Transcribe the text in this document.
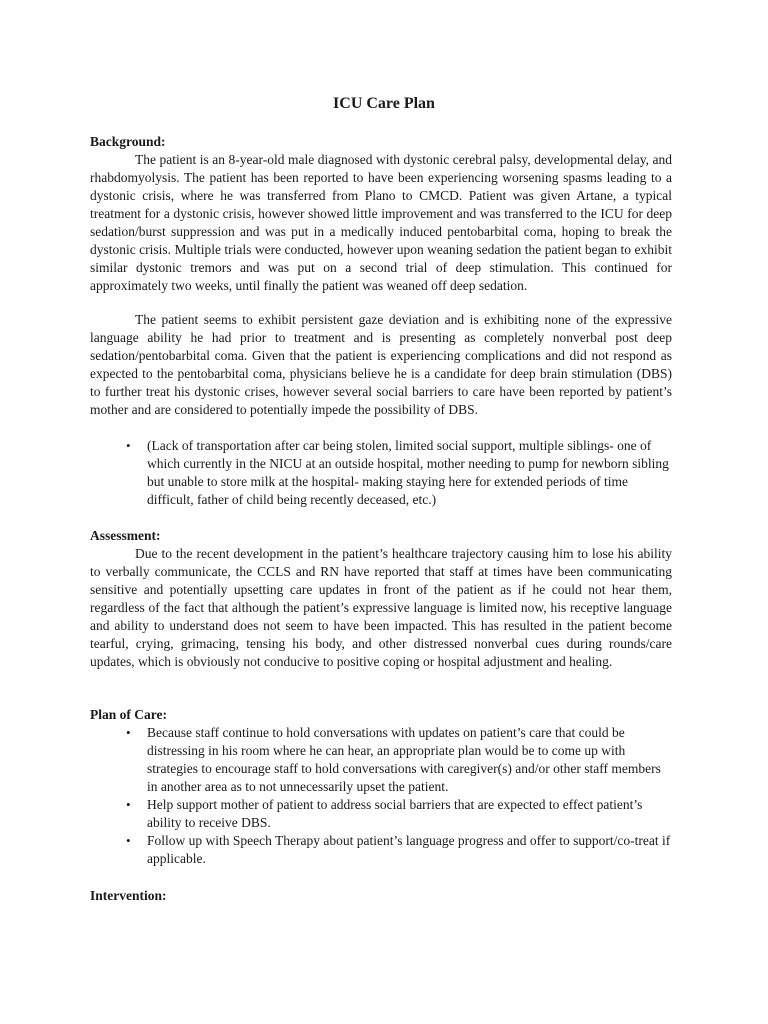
ICU Care Plan
Background:

The patient is an 8-year-old male diagnosed with dystonic cerebral palsy, developmental delay, and rhabdomyolysis. The patient has been reported to have been experiencing worsening spasms leading to a dystonic crisis, where he was transferred from Plano to CMCD. Patient was given Artane, a typical treatment for a dystonic crisis, however showed little improvement and was transferred to the ICU for deep sedation/burst suppression and was put in a medically induced pentobarbital coma, hoping to break the dystonic crisis. Multiple trials were conducted, however upon weaning sedation the patient began to exhibit similar dystonic tremors and was put on a second trial of deep stimulation. This continued for approximately two weeks, until finally the patient was weaned off deep sedation.

The patient seems to exhibit persistent gaze deviation and is exhibiting none of the expressive language ability he had prior to treatment and is presenting as completely nonverbal post deep sedation/pentobarbital coma. Given that the patient is experiencing complications and did not respond as expected to the pentobarbital coma, physicians believe he is a candidate for deep brain stimulation (DBS) to further treat his dystonic crises, however several social barriers to care have been reported by patient’s mother and are considered to potentially impede the possibility of DBS.

• (Lack of transportation after car being stolen, limited social support, multiple siblings- one of which currently in the NICU at an outside hospital, mother needing to pump for newborn sibling but unable to store milk at the hospital- making staying here for extended periods of time difficult, father of child being recently deceased, etc.)
Assessment:

Due to the recent development in the patient’s healthcare trajectory causing him to lose his ability to verbally communicate, the CCLS and RN have reported that staff at times have been communicating sensitive and potentially upsetting care updates in front of the patient as if he could not hear them, regardless of the fact that although the patient’s expressive language is limited now, his receptive language and ability to understand does not seem to have been impacted. This has resulted in the patient become tearful, crying, grimacing, tensing his body, and other distressed nonverbal cues during rounds/care updates, which is obviously not conducive to positive coping or hospital adjustment and healing.

Plan of Care:
• Because staff continue to hold conversations with updates on patient’s care that could be distressing in his room where he can hear, an appropriate plan would be to come up with strategies to encourage staff to hold conversations with caregiver(s) and/or other staff members in another area as to not unnecessarily upset the patient.
• Help support mother of patient to address social barriers that are expected to effect patient’s ability to receive DBS.
• Follow up with Speech Therapy about patient’s language progress and offer to support/co-treat if applicable.
Intervention:
